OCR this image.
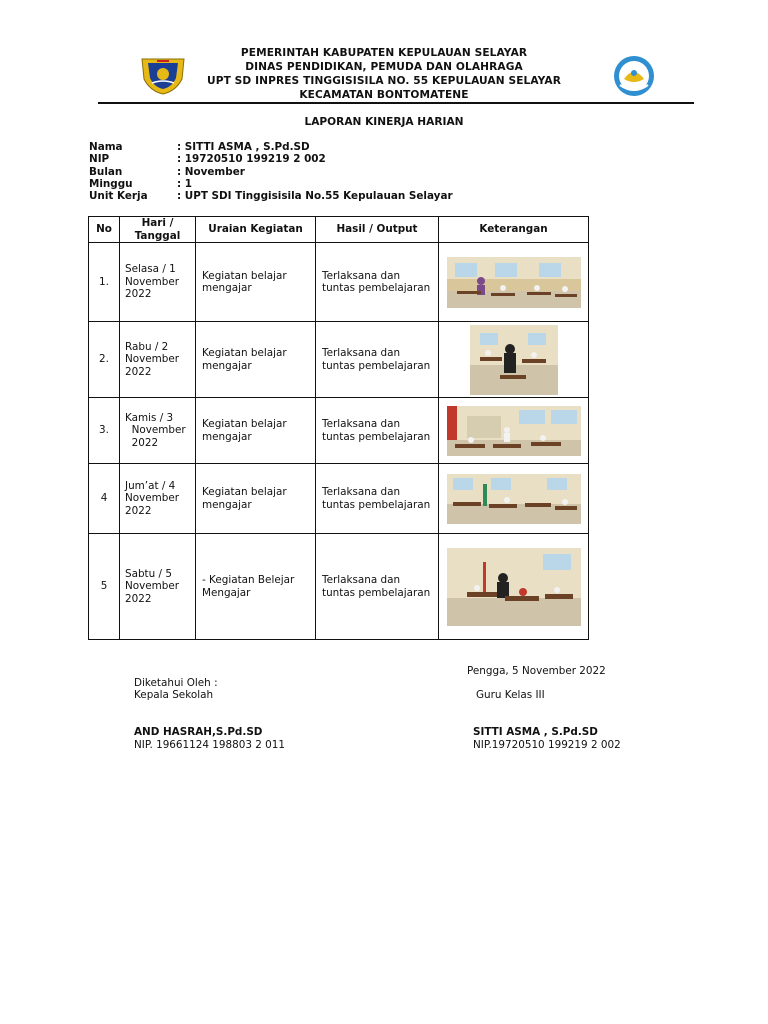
PEMERINTAH KABUPATEN KEPULAUAN SELAYAR
DINAS PENDIDIKAN, PEMUDA DAN OLAHRAGA
UPT SD INPRES TINGGISISILA NO. 55 KEPULAUAN SELAYAR
KECAMATAN BONTOMATENE
LAPORAN KINERJA HARIAN
Nama	: SITTI ASMA , S.Pd.SD
NIP	: 19720510 199219 2 002
Bulan	: November
Minggu	: 1
Unit Kerja	: UPT SDI Tinggisisila No.55 Kepulauan Selayar
No	Hari /
Tanggal	Uraian Kegiatan	Hasil / Output	Keterangan
1.	Selasa / 1
November
2022	Kegiatan belajar
mengajar	Terlaksana dan
tuntas pembelajaran	

2.	Rabu / 2
November
2022	Kegiatan belajar
mengajar	Terlaksana dan
tuntas pembelajaran	

3.	Kamis / 3
November
2022	Kegiatan belajar
mengajar	Terlaksana dan
tuntas pembelajaran	

4	Jum’at / 4
November
2022	Kegiatan belajar
mengajar	Terlaksana dan
tuntas pembelajaran	

5	Sabtu / 5
November
2022	- Kegiatan Belejar
Mengajar	Terlaksana dan
tuntas pembelajaran	
Pengga, 5 November 2022
Diketahui Oleh :
Kepala Sekolah	Guru Kelas III
AND HASRAH,S.Pd.SD
NIP. 19661124 198803 2 011
SITTI ASMA , S.Pd.SD
NIP.19720510 199219 2 002
